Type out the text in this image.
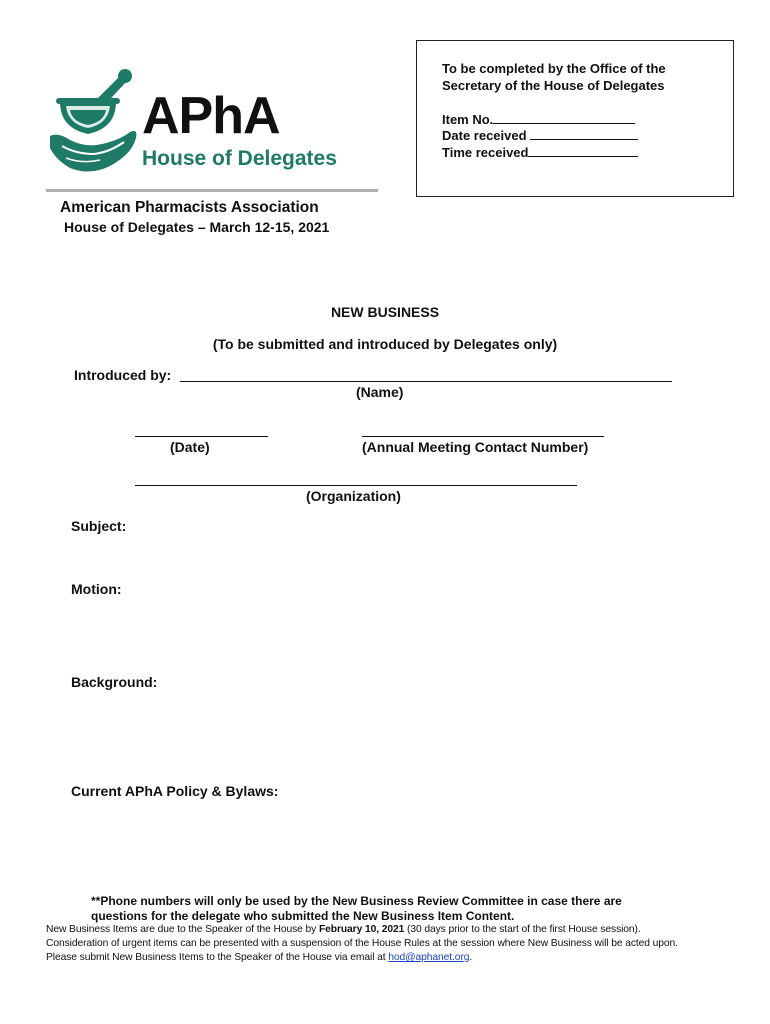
APhA
House of Delegates
To be completed by the Office of the
Secretary of the House of Delegates
Item No.
Date received
Time received
American Pharmacists Association
House of Delegates – March 12-15, 2021
NEW BUSINESS
(To be submitted and introduced by Delegates only)
Introduced by:
(Name)
(Date)	(Annual Meeting Contact Number)
(Organization)
Subject:
Motion:
Background:
Current APhA Policy & Bylaws:
**Phone numbers will only be used by the New Business Review Committee in case there are
questions for the delegate who submitted the New Business Item Content.
New Business Items are due to the Speaker of the House by February 10, 2021 (30 days prior to the start of the first House session).
Consideration of urgent items can be presented with a suspension of the House Rules at the session where New Business will be acted upon.
Please submit New Business Items to the Speaker of the House via email at hod@aphanet.org.
